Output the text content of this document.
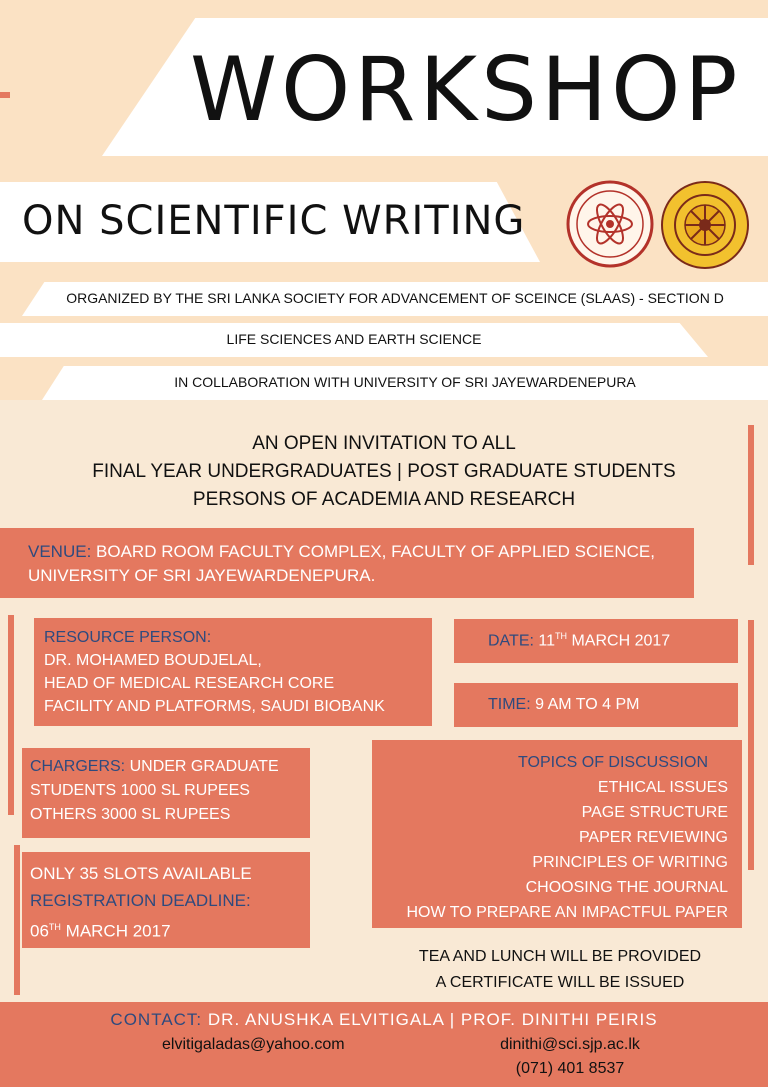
WORKSHOP
ON SCIENTIFIC WRITING
ORGANIZED BY THE SRI LANKA SOCIETY FOR ADVANCEMENT OF SCEINCE (SLAAS) - SECTION D
LIFE SCIENCES AND EARTH SCIENCE
IN COLLABORATION WITH UNIVERSITY OF SRI JAYEWARDENEPURA
AN OPEN INVITATION TO ALL
FINAL YEAR UNDERGRADUATES | POST GRADUATE STUDENTS
PERSONS OF ACADEMIA AND RESEARCH
VENUE: BOARD ROOM FACULTY COMPLEX, FACULTY OF APPLIED SCIENCE,
UNIVERSITY OF SRI JAYEWARDENEPURA.
RESOURCE PERSON:
DR. MOHAMED BOUDJELAL,
HEAD OF MEDICAL RESEARCH CORE
FACILITY AND PLATFORMS, SAUDI BIOBANK
DATE: 11TH MARCH 2017
TIME: 9 AM TO 4 PM
CHARGERS: UNDER GRADUATE
STUDENTS 1000 SL RUPEES
OTHERS 3000 SL RUPEES
TOPICS OF DISCUSSION
ETHICAL ISSUES
PAGE STRUCTURE
PAPER REVIEWING
PRINCIPLES OF WRITING
CHOOSING THE JOURNAL
HOW TO PREPARE AN IMPACTFUL PAPER
ONLY 35 SLOTS AVAILABLE
REGISTRATION DEADLINE:
06TH MARCH 2017
TEA AND LUNCH WILL BE PROVIDED
A CERTIFICATE WILL BE ISSUED
CONTACT: DR. ANUSHKA ELVITIGALA | PROF. DINITHI PEIRIS
elvitigaladas@yahoo.com	dinithi@sci.sjp.ac.lk
(071) 401 8537
